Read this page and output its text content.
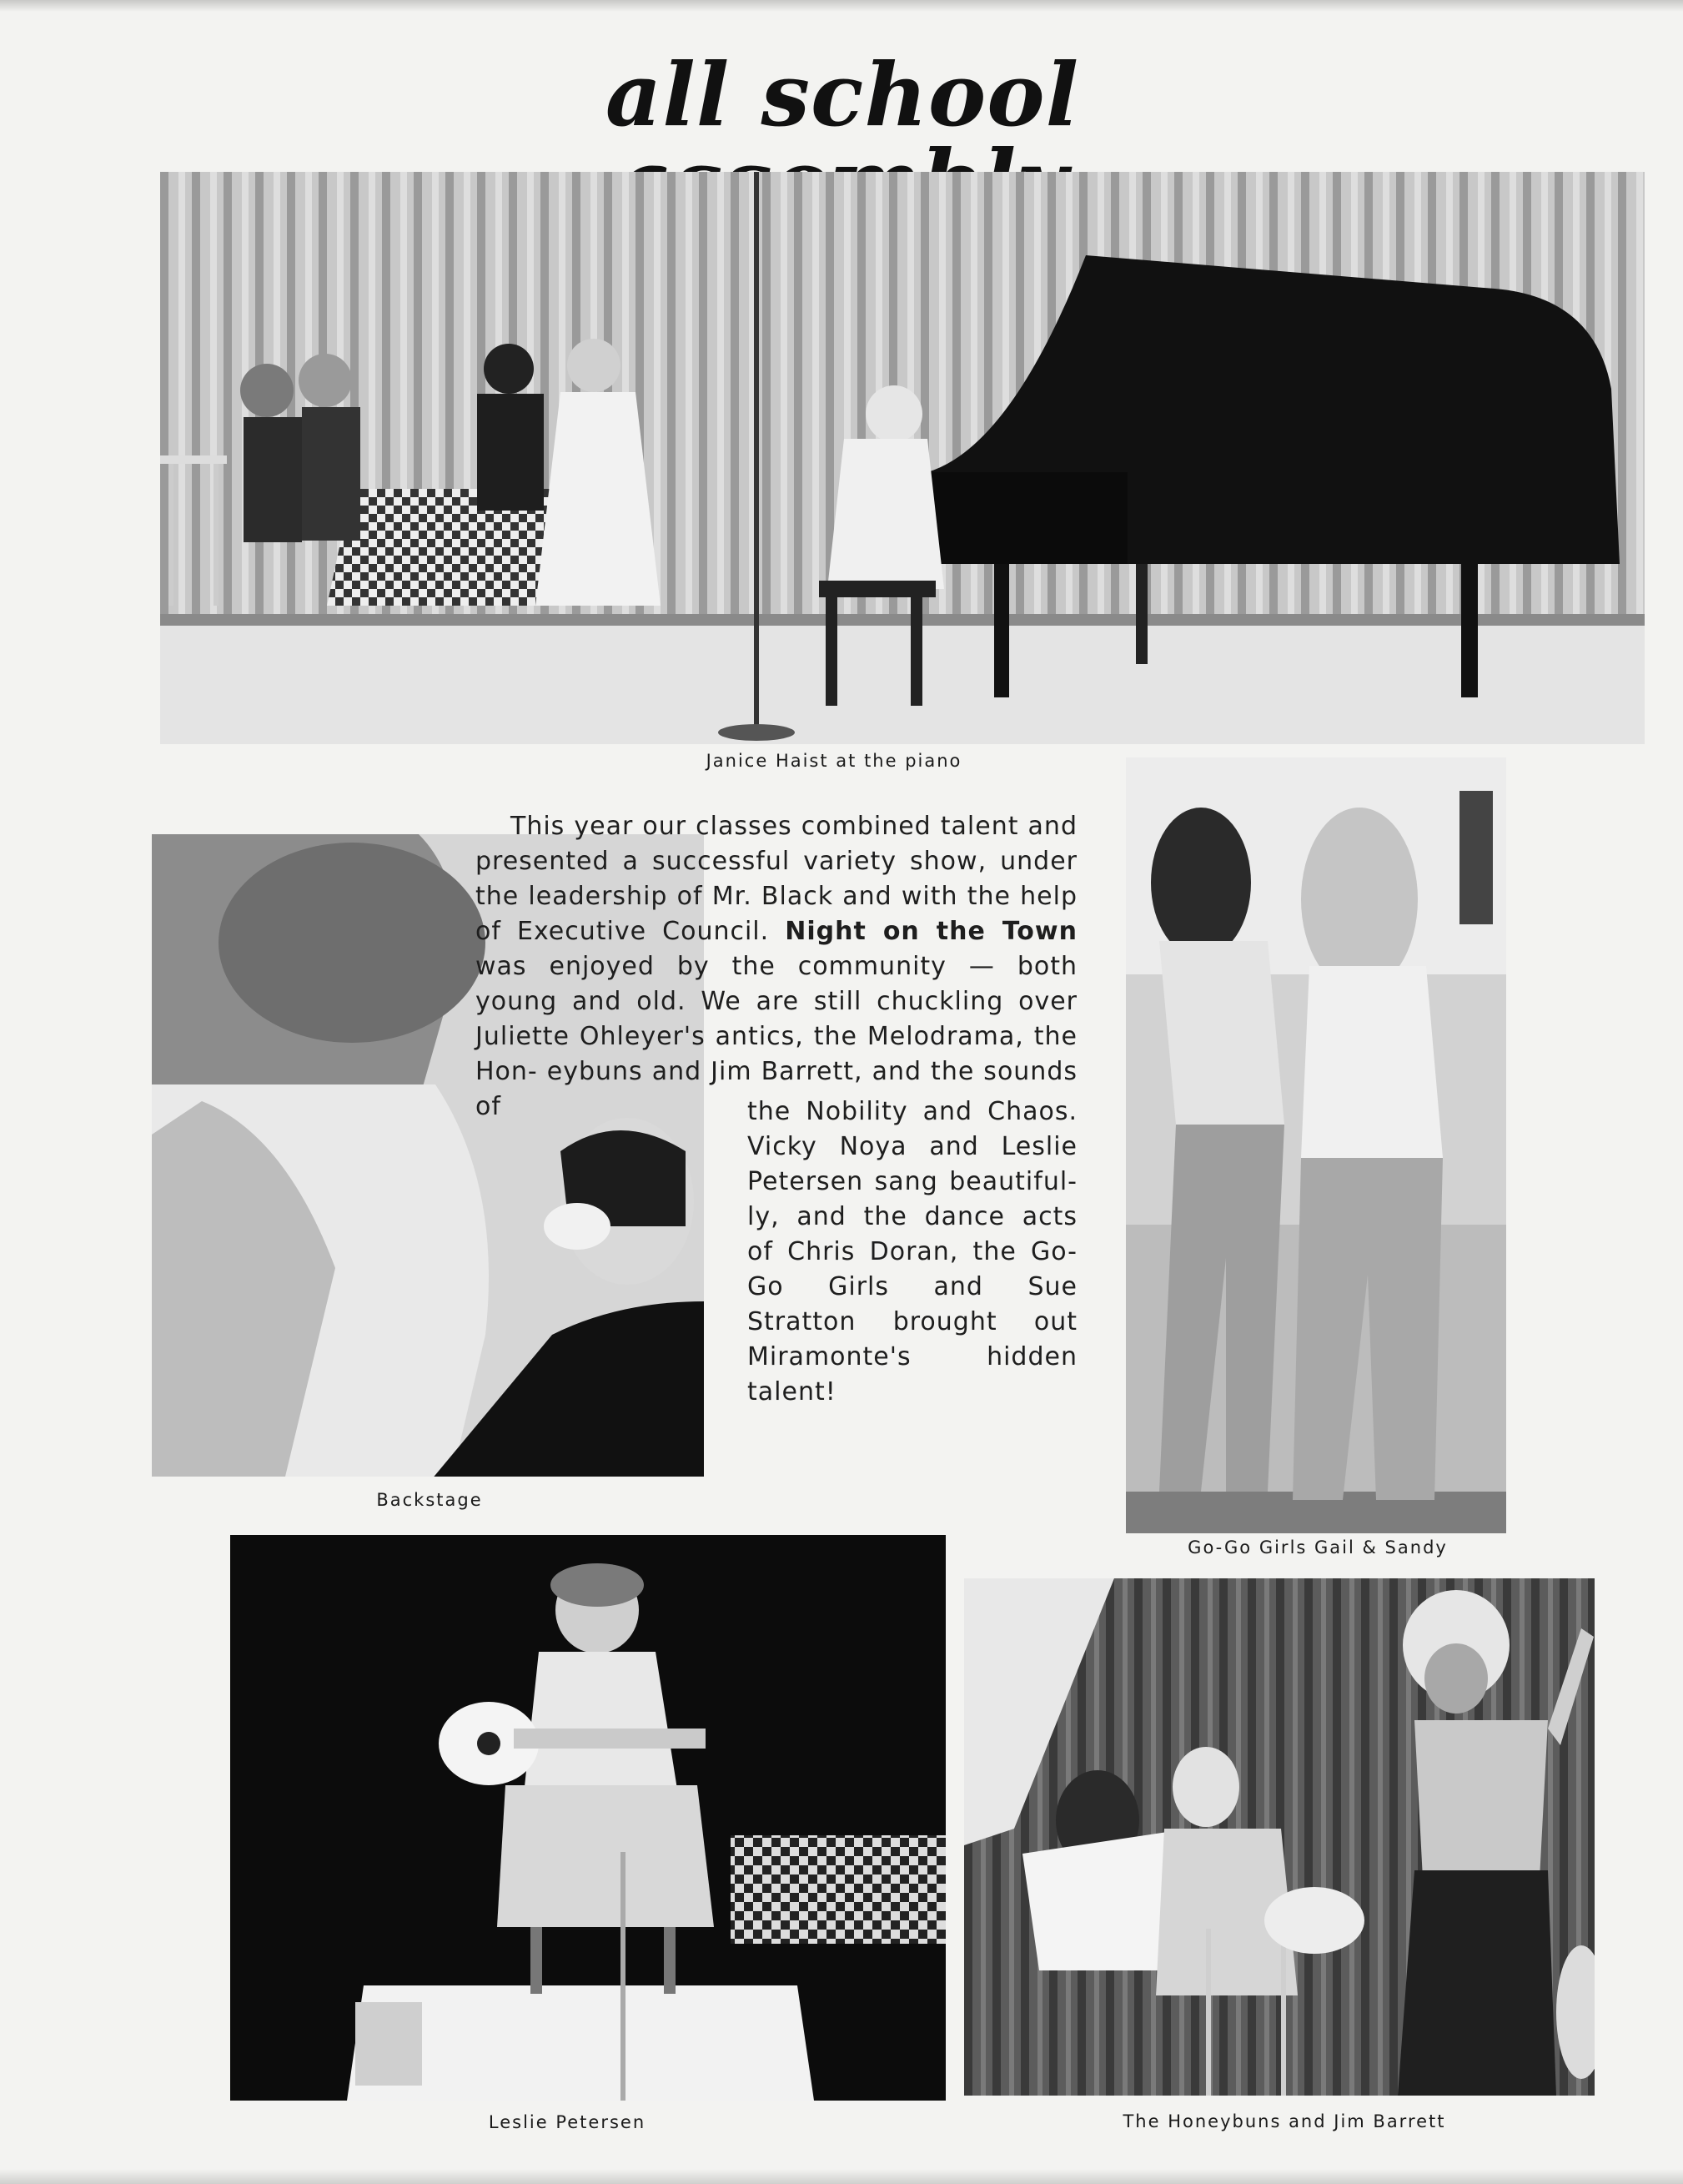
all school
Janice Haist at the piano
Backstage

This year our classes combined talent and presented a successful variety show, under the leadership of Mr. Black and with the help of Executive Council. Night on the Town was enjoyed by the community — both young and old. We are still chuckling over Juliette Ohleyer's antics, the Melodrama, the Hon- eybuns and Jim Barrett, and the sounds of	the Nobility and Chaos. Vicky Noya and Leslie Petersen sang beautiful- ly, and the dance acts of Chris Doran, the Go-Go Girls and Sue Stratton brought out Miramonte's hidden talent!

Go-Go Girls Gail & Sandy
Leslie Petersen	The Honeybuns and Jim Barrett
